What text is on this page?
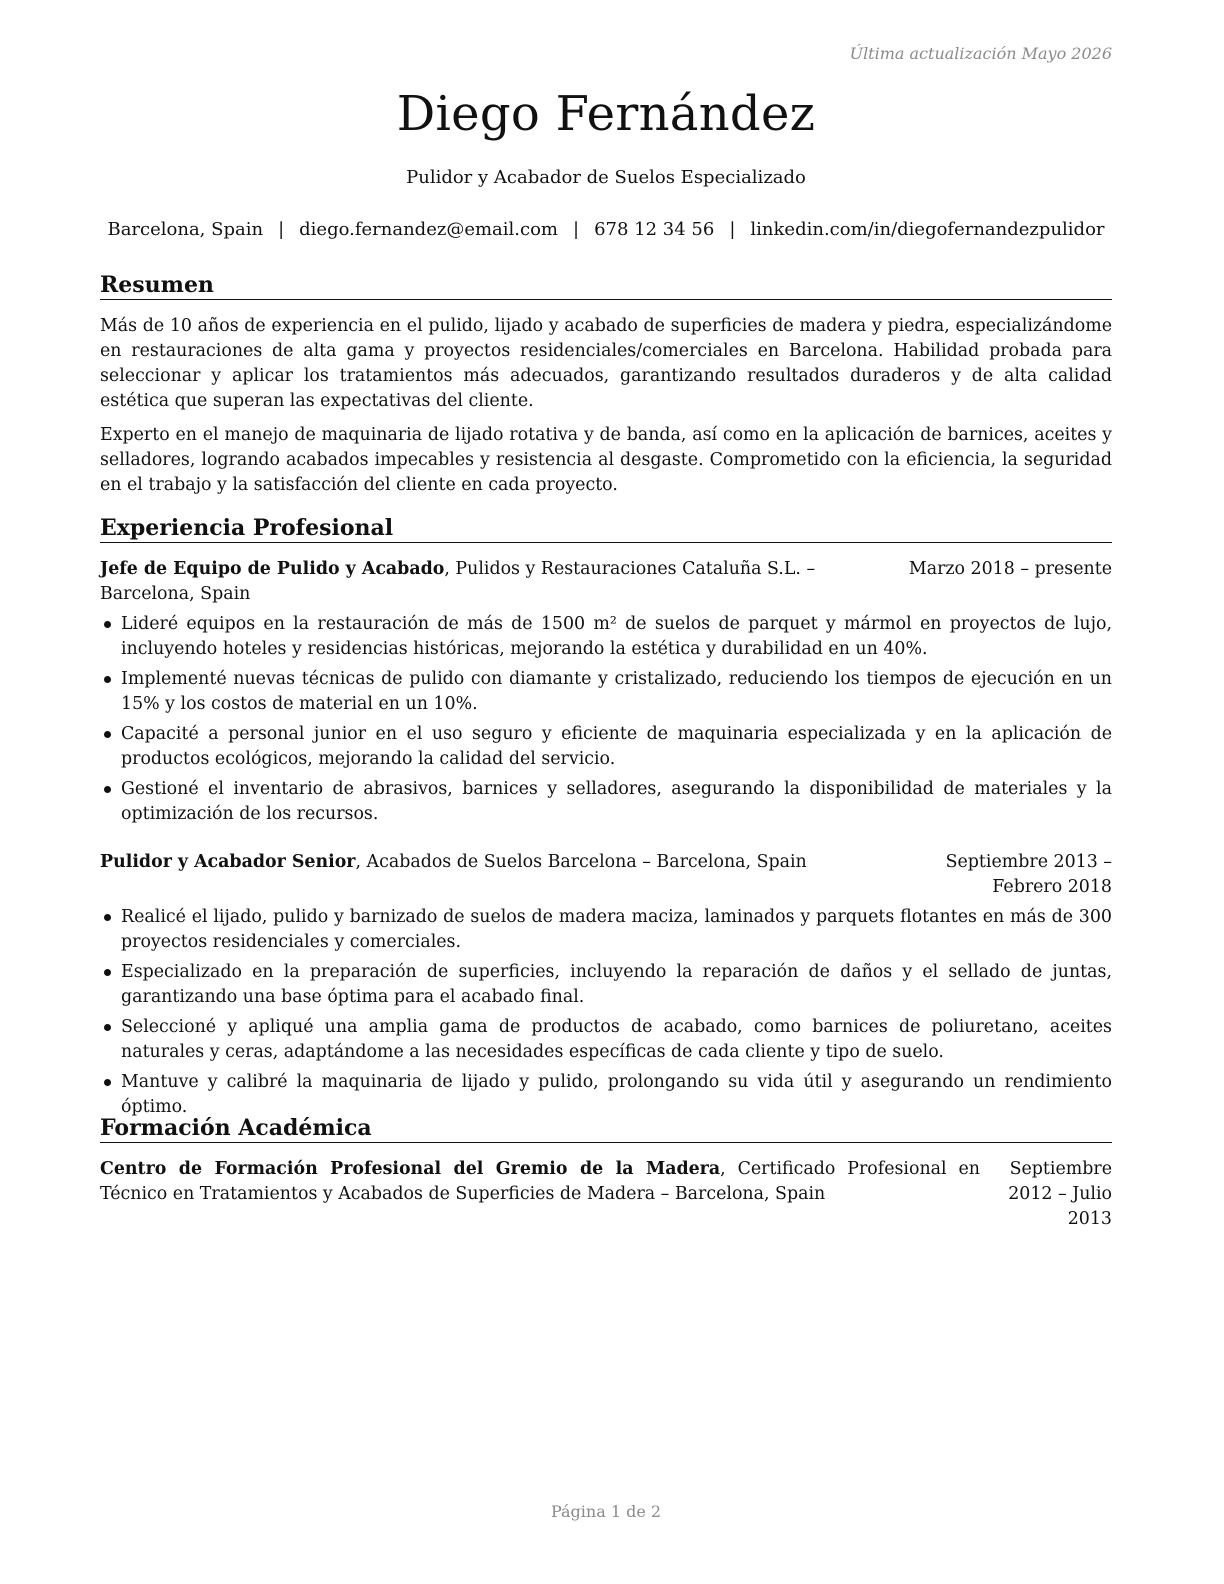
Última actualización Mayo 2026
Diego Fernández
Pulidor y Acabador de Suelos Especializado
Barcelona, Spain | diego.fernandez@email.com | 678 12 34 56 | linkedin.com/in/diegofernandezpulidor
Resumen
Más de 10 años de experiencia en el pulido, lijado y acabado de superficies de madera y piedra, especializándome en restauraciones de alta gama y proyectos residenciales/comerciales en Barcelona. Habilidad probada para seleccionar y aplicar los tratamientos más adecuados, garantizando resultados duraderos y de alta calidad estética que superan las expectativas del cliente.
Experto en el manejo de maquinaria de lijado rotativa y de banda, así como en la aplicación de barnices, aceites y selladores, logrando acabados impecables y resistencia al desgaste. Comprometido con la eficiencia, la seguridad en el trabajo y la satisfacción del cliente en cada proyecto.
Experiencia Profesional
Jefe de Equipo de Pulido y Acabado, Pulidos y Restauraciones Cataluña S.L. – Barcelona, Spain
Marzo 2018 – presente
Lideré equipos en la restauración de más de 1500 m² de suelos de parquet y mármol en proyectos de lujo, incluyendo hoteles y residencias históricas, mejorando la estética y durabilidad en un 40%.
Implementé nuevas técnicas de pulido con diamante y cristalizado, reduciendo los tiempos de ejecución en un 15% y los costos de material en un 10%.
Capacité a personal junior en el uso seguro y eficiente de maquinaria especializada y en la aplicación de productos ecológicos, mejorando la calidad del servicio.
Gestioné el inventario de abrasivos, barnices y selladores, asegurando la disponibilidad de materiales y la optimización de los recursos.
Pulidor y Acabador Senior, Acabados de Suelos Barcelona – Barcelona, Spain	Septiembre 2013 – Febrero 2018
Realicé el lijado, pulido y barnizado de suelos de madera maciza, laminados y parquets flotantes en más de 300 proyectos residenciales y comerciales.
Especializado en la preparación de superficies, incluyendo la reparación de daños y el sellado de juntas, garantizando una base óptima para el acabado final.
Seleccioné y apliqué una amplia gama de productos de acabado, como barnices de poliuretano, aceites naturales y ceras, adaptándome a las necesidades específicas de cada cliente y tipo de suelo.
Mantuve y calibré la maquinaria de lijado y pulido, prolongando su vida útil y asegurando un rendimiento óptimo.
Formación Académica
Centro de Formación Profesional del Gremio de la Madera, Certificado Profesional en Técnico en Tratamientos y Acabados de Superficies de Madera – Barcelona, Spain
Septiembre 2012 – Julio 2013
Página 1 de 2
